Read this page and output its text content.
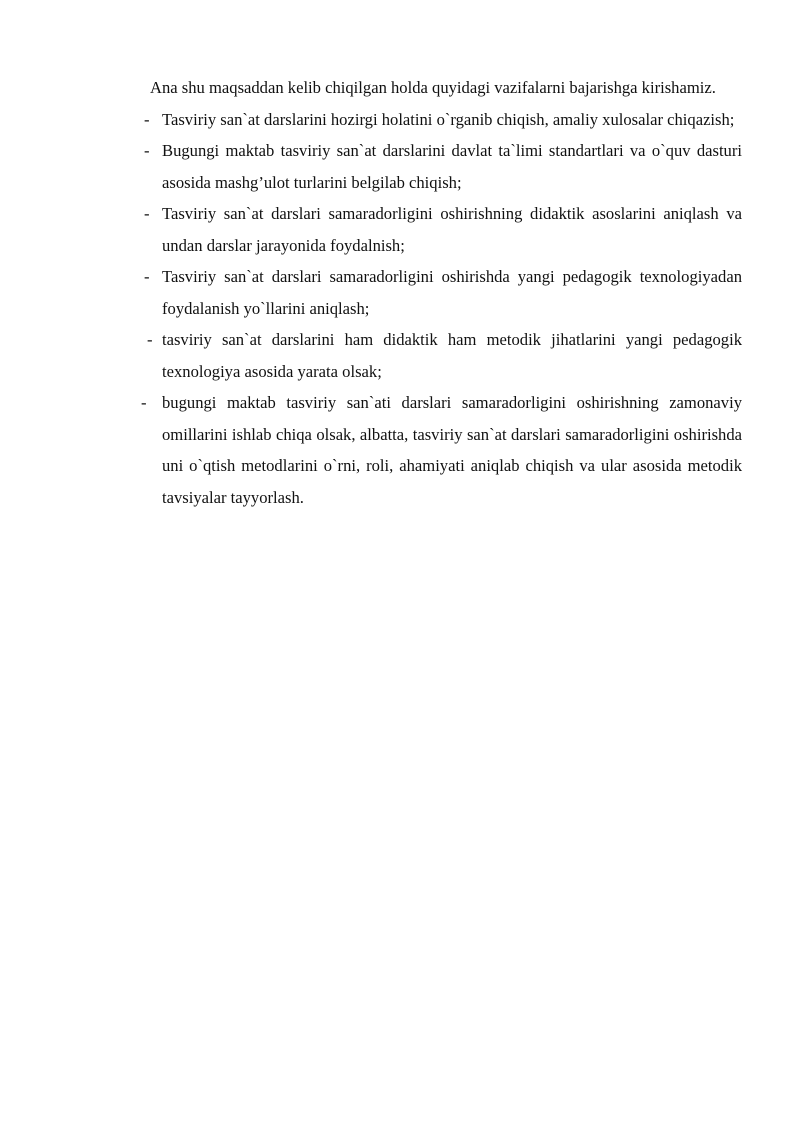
Ana shu maqsaddan kelib chiqilgan holda quyidagi vazifalarni bajarishga kirishamiz.

- Tasviriy san`at darslarini hozirgi holatini o`rganib chiqish, amaliy xulosalar chiqazish;
- Bugungi maktab tasviriy san`at darslarini davlat ta`limi standartlari va o`quv dasturi asosida mashg’ulot turlarini belgilab chiqish;
- Tasviriy san`at darslari samaradorligini oshirishning didaktik asoslarini aniqlash va undan darslar jarayonida foydalnish;
- Tasviriy san`at darslari samaradorligini oshirishda yangi pedagogik texnologiyadan foydalanish yo`llarini aniqlash;
- tasviriy san`at darslarini ham didaktik ham metodik jihatlarini yangi pedagogik texnologiya asosida yarata olsak;
- bugungi maktab tasviriy san`ati darslari samaradorligini oshirishning zamonaviy omillarini ishlab chiqa olsak, albatta, tasviriy san`at darslari samaradorligini oshirishda uni o`qtish metodlarini o`rni, roli, ahamiyati aniqlab chiqish va ular asosida metodik tavsiyalar tayyorlash.
